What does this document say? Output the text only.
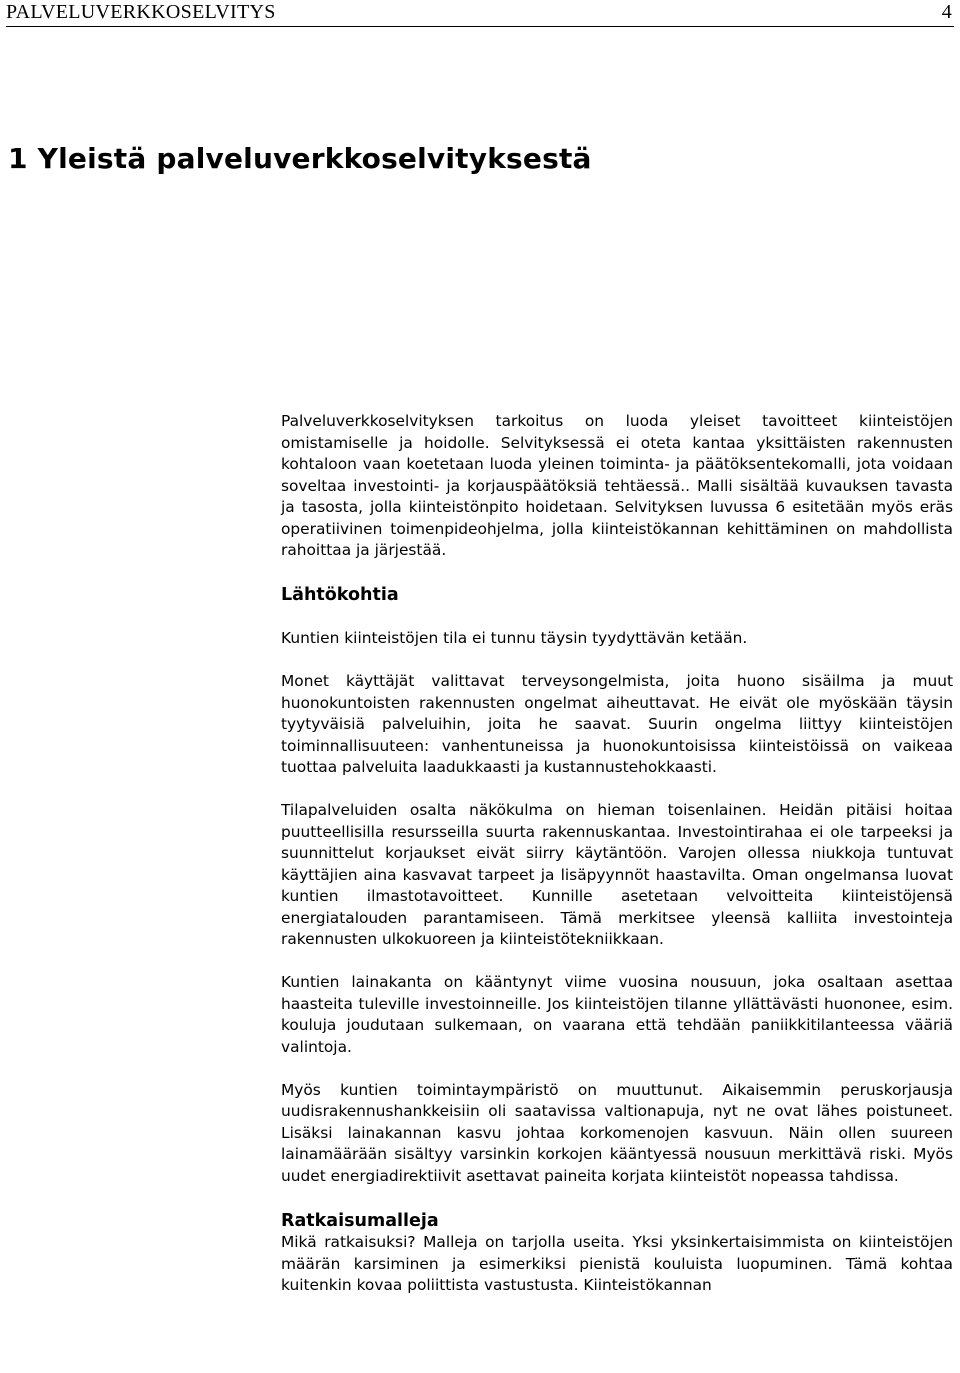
PALVELUVERKKOSELVITYS	4
1 Yleistä palveluverkkoselvityksestä

Palveluverkkoselvityksen tarkoitus on luoda yleiset tavoitteet kiinteistöjen omistamiselle ja hoidolle. Selvityksessä ei oteta kantaa yksittäisten rakennusten kohtaloon vaan koetetaan luoda yleinen toiminta- ja päätöksentekomalli, jota voidaan soveltaa investointi- ja korjauspäätöksiä tehtäessä.. Malli sisältää kuvauksen tavasta ja tasosta, jolla kiinteistönpito hoidetaan. Selvityksen luvussa 6 esitetään myös eräs operatiivinen toimenpideohjelma, jolla kiinteistökannan kehittäminen on mahdollista rahoittaa ja järjestää.

Lähtökohtia

Kuntien kiinteistöjen tila ei tunnu täysin tyydyttävän ketään.

Monet käyttäjät valittavat terveysongelmista, joita huono sisäilma ja muut huonokuntoisten rakennusten ongelmat aiheuttavat. He eivät ole myöskään täysin tyytyväisiä palveluihin, joita he saavat. Suurin ongelma liittyy kiinteistöjen toiminnallisuuteen: vanhentuneissa ja huonokuntoisissa kiinteistöissä on vaikeaa tuottaa palveluita laadukkaasti ja kustannustehokkaasti.

Tilapalveluiden osalta näkökulma on hieman toisenlainen. Heidän pitäisi hoitaa puutteellisilla resursseilla suurta rakennuskantaa. Investointirahaa ei ole tarpeeksi ja suunnittelut korjaukset eivät siirry käytäntöön. Varojen ollessa niukkoja tuntuvat käyttäjien aina kasvavat tarpeet ja lisäpyynnöt haastavilta. Oman ongelmansa luovat kuntien ilmastotavoitteet. Kunnille asetetaan velvoitteita kiinteistöjensä energiatalouden parantamiseen. Tämä merkitsee yleensä kalliita investointeja rakennusten ulkokuoreen ja kiinteistötekniikkaan.

Kuntien lainakanta on kääntynyt viime vuosina nousuun, joka osaltaan asettaa haasteita tuleville investoinneille. Jos kiinteistöjen tilanne yllättävästi huononee, esim. kouluja joudutaan sulkemaan, on vaarana että tehdään paniikkitilanteessa vääriä valintoja.

Myös kuntien toimintaympäristö on muuttunut. Aikaisemmin peruskorjausja uudisrakennushankkeisiin oli saatavissa valtionapuja, nyt ne ovat lähes poistuneet. Lisäksi lainakannan kasvu johtaa korkomenojen kasvuun. Näin ollen suureen lainamäärään sisältyy varsinkin korkojen kääntyessä nousuun merkittävä riski. Myös uudet energiadirektiivit asettavat paineita korjata kiinteistöt nopeassa tahdissa.

Ratkaisumalleja

Mikä ratkaisuksi? Malleja on tarjolla useita. Yksi yksinkertaisimmista on kiinteistöjen määrän karsiminen ja esimerkiksi pienistä kouluista luopuminen. Tämä kohtaa kuitenkin kovaa poliittista vastustusta. Kiinteistökannan
